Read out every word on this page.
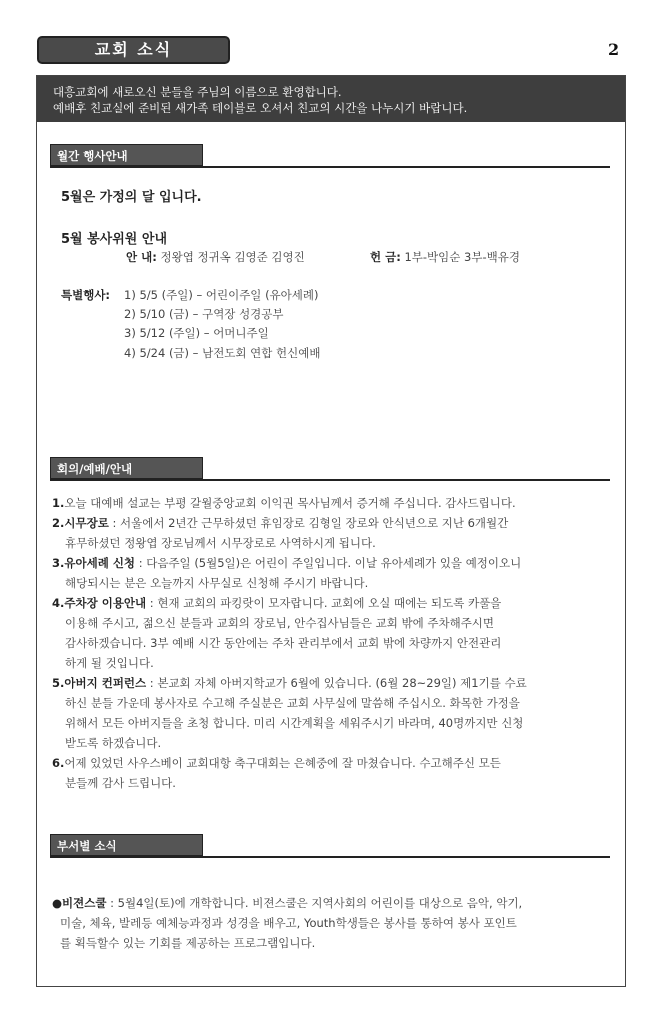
교회 소식	2
대흥교회에 새로오신 분들을 주님의 이름으로 환영합니다.
예배후 친교실에 준비된 새가족 테이블로 오셔서 친교의 시간을 나누시기 바랍니다.
월간 행사안내
5월은 가정의 달 입니다.
5월 봉사위원 안내
안 내: 정왕엽 정귀옥 김영준 김영진	헌 금: 1부-박임순 3부-백유경
특별행사: 1) 5/5 (주일) – 어린이주일 (유아세례)
2) 5/10 (금) – 구역장 성경공부
3) 5/12 (주일) – 어머니주일
4) 5/24 (금) – 남전도회 연합 헌신예배
회의/예배/안내
1.오늘 대예배 설교는 부평 갈월중앙교회 이익권 목사님께서 증거해 주십니다. 감사드립니다.
2.시무장로 : 서울에서 2년간 근무하셨던 휴임장로 김형일 장로와 안식년으로 지난 6개월간
휴무하셨던 정왕엽 장로님께서 시무장로로 사역하시게 됩니다.
3.유아세례 신청 : 다음주일 (5월5일)은 어린이 주일입니다. 이날 유아세례가 있을 예정이오니
해당되시는 분은 오늘까지 사무실로 신청해 주시기 바랍니다.
4.주차장 이용안내 : 현재 교회의 파킹랏이 모자랍니다. 교회에 오실 때에는 되도록 카풀을
이용해 주시고, 젊으신 분들과 교회의 장로님, 안수집사님들은 교회 밖에 주차해주시면
감사하겠습니다. 3부 예배 시간 동안에는 주차 관리부에서 교회 밖에 차량까지 안전관리
하게 될 것입니다.
5.아버지 컨퍼런스 : 본교회 자체 아버지학교가 6월에 있습니다. (6월 28~29일) 제1기를 수료
하신 분들 가운데 봉사자로 수고해 주실분은 교회 사무실에 말씀해 주십시오. 화목한 가정을
위해서 모든 아버지들을 초청 합니다. 미리 시간계획을 세워주시기 바라며, 40명까지만 신청
받도록 하겠습니다.
6.어제 있었던 사우스베이 교회대항 축구대회는 은혜중에 잘 마쳤습니다. 수고해주신 모든
분들께 감사 드립니다.
부서별 소식
●비젼스쿨 : 5월4일(토)에 개학합니다. 비젼스쿨은 지역사회의 어린이를 대상으로 음악, 악기,
미술, 체육, 발레등 예체능과정과 성경을 배우고, Youth학생들은 봉사를 통하여 봉사 포인트
를 획득할수 있는 기회를 제공하는 프로그램입니다.
